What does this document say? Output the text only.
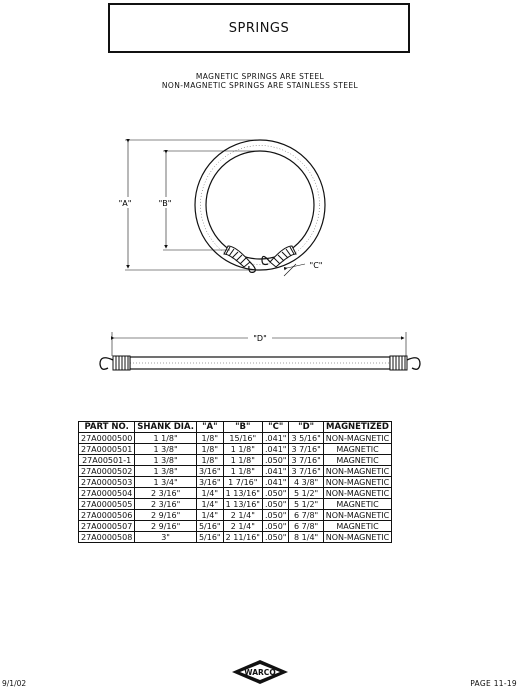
SPRINGS
MAGNETIC SPRINGS ARE STEEL
NON-MAGNETIC SPRINGS ARE STAINLESS STEEL
"A"	"B"
"C"
"D"
PART NO.	SHANK DIA.	"A"	"B"	"C"	"D"	MAGNETIZED
27A0000500	1 1/8"	1/8"	15/16"	.041"	3 5/16"	NON-MAGNETIC
27A0000501	1 3/8"	1/8"	1 1/8"	.041"	3 7/16"	MAGNETIC
27A00501-1	1 3/8"	1/8"	1 1/8"	.050"	3 7/16"	MAGNETIC
27A0000502	1 3/8"	3/16"	1 1/8"	.041"	3 7/16"	NON-MAGNETIC
27A0000503	1 3/4"	3/16"	1 7/16"	.041"	4 3/8"	NON-MAGNETIC
27A0000504	2 3/16"	1/4"	1 13/16"	.050"	5 1/2"	NON-MAGNETIC
27A0000505	2 3/16"	1/4"	1 13/16"	.050"	5 1/2"	MAGNETIC
27A0000506	2 9/16"	1/4"	2 1/4"	.050"	6 7/8"	NON-MAGNETIC
27A0000507	2 9/16"	5/16"	2 1/4"	.050"	6 7/8"	MAGNETIC
27A0000508	3"	5/16"	2 11/16"	.050"	8 1/4"	NON-MAGNETIC
9/1/02	PAGE 11-19
WARCO
